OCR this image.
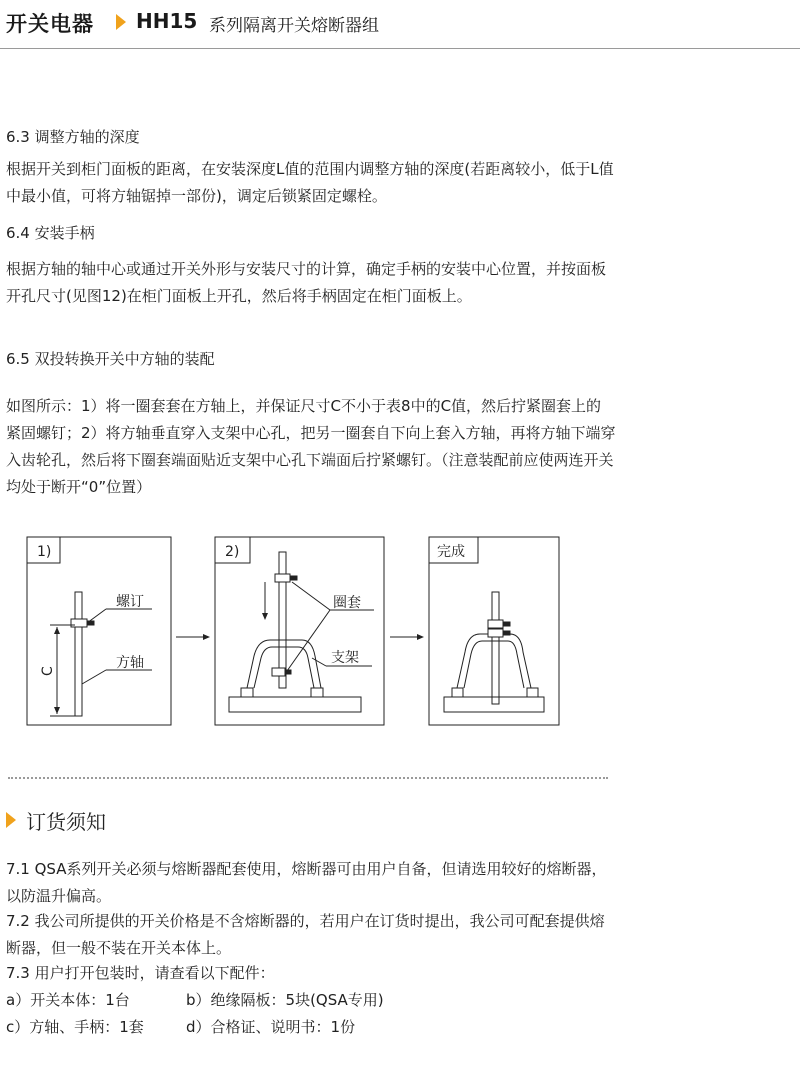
开关电器 HH15 系列隔离开关熔断器组

6.3 调整方轴的深度

根据开关到柜门面板的距离，在安装深度L值的范围内调整方轴的深度(若距离较小，低于L值中最小值，可将方轴锯掉一部份)，调定后锁紧固定螺栓。

6.4 安装手柄

根据方轴的轴中心或通过开关外形与安装尺寸的计算，确定手柄的安装中心位置，并按面板开孔尺寸(见图12)在柜门面板上开孔，然后将手柄固定在柜门面板上。

6.5 双投转换开关中方轴的装配

如图所示：1）将一圈套套在方轴上，并保证尺寸C不小于表8中的C值，然后拧紧圈套上的紧固螺钉；2）将方轴垂直穿入支架中心孔，把另一圈套自下向上套入方轴，再将方轴下端穿入齿轮孔，然后将下圈套端面贴近支架中心孔下端面后拧紧螺钉。（注意装配前应使两连开关均处于断开“0”位置）

1)
C
螺订
方轴
2)
圈套
支架
完成
订货须知

7.1 QSA系列开关必须与熔断器配套使用，熔断器可由用户自备，但请选用较好的熔断器，以防温升偏高。

7.2 我公司所提供的开关价格是不含熔断器的，若用户在订货时提出，我公司可配套提供熔断器，但一般不装在开关本体上。

7.3 用户打开包装时，请查看以下配件：

a）开关本体：1台	b）绝缘隔板：5块(QSA专用)

c）方轴、手柄：1套	d）合格证、说明书：1份
